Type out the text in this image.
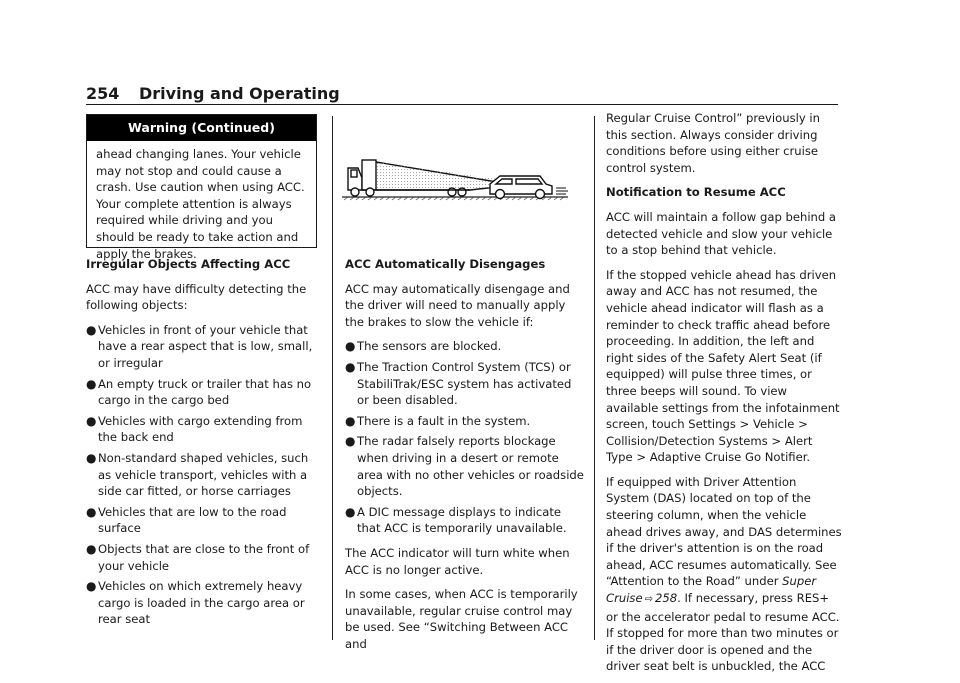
254 Driving and Operating
Warning (Continued)
ahead changing lanes. Your vehicle may not stop and could cause a crash. Use caution when using ACC. Your complete attention is always required while driving and you should be ready to take action and apply the brakes.

Irregular Objects Affecting ACC

ACC may have difficulty detecting the following objects:

● Vehicles in front of your vehicle that have a rear aspect that is low, small, or irregular
● An empty truck or trailer that has no cargo in the cargo bed
● Vehicles with cargo extending from the back end
● Non-standard shaped vehicles, such as vehicle transport, vehicles with a side car fitted, or horse carriages
● Vehicles that are low to the road surface
● Objects that are close to the front of your vehicle
● Vehicles on which extremely heavy cargo is loaded in the cargo area or rear seat

ACC Automatically Disengages

ACC may automatically disengage and the driver will need to manually apply the brakes to slow the vehicle if:

● The sensors are blocked.
● The Traction Control System (TCS) or StabiliTrak/ESC system has activated or been disabled.
● There is a fault in the system.
● The radar falsely reports blockage when driving in a desert or remote area with no other vehicles or roadside objects.
● A DIC message displays to indicate that ACC is temporarily unavailable.

The ACC indicator will turn white when ACC is no longer active.

In some cases, when ACC is temporarily unavailable, regular cruise control may be used. See “Switching Between ACC and

Regular Cruise Control” previously in this section. Always consider driving conditions before using either cruise control system.

Notification to Resume ACC

ACC will maintain a follow gap behind a detected vehicle and slow your vehicle to a stop behind that vehicle.

If the stopped vehicle ahead has driven away and ACC has not resumed, the vehicle ahead indicator will flash as a reminder to check traffic ahead before proceeding. In addition, the left and right sides of the Safety Alert Seat (if equipped) will pulse three times, or three beeps will sound. To view available settings from the infotainment screen, touch Settings > Vehicle > Collision/Detection Systems > Alert Type > Adaptive Cruise Go Notifier.

If equipped with Driver Attention System (DAS) located on top of the steering column, when the vehicle ahead drives away, and DAS determines if the driver's attention is on the road ahead, ACC resumes automatically. See “Attention to the Road” under Super Cruise ⇨ 258. If necessary, press RES+ or the accelerator pedal to resume ACC. If stopped for more than two minutes or if the driver door is opened and the driver seat belt is unbuckled, the ACC
